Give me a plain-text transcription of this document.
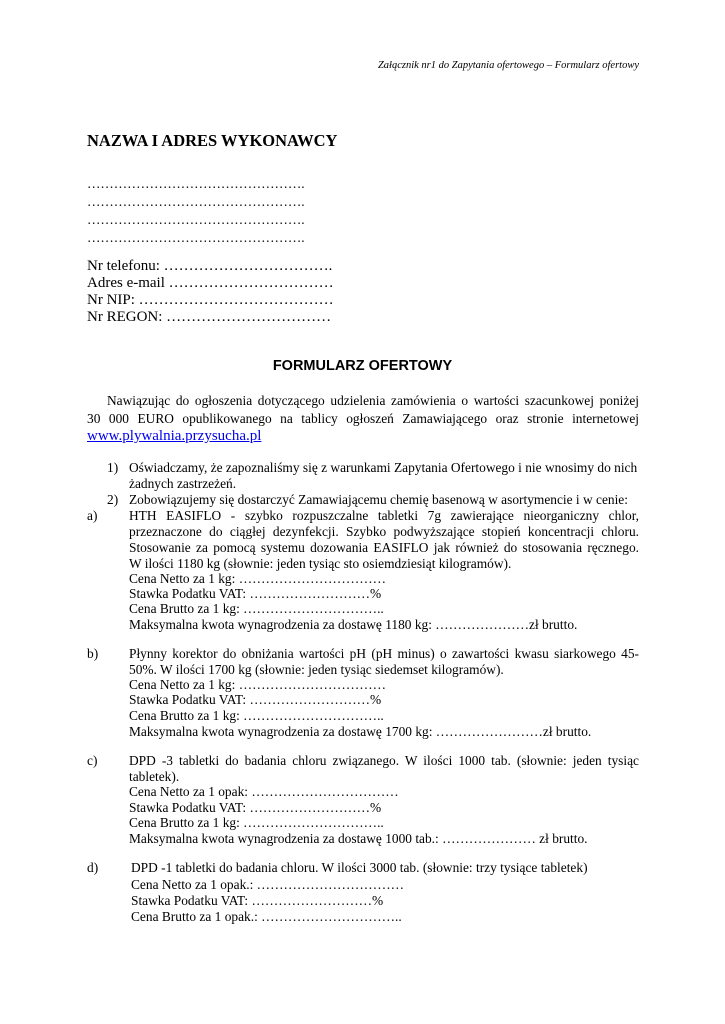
Załącznik nr1 do Zapytania ofertowego – Formularz ofertowy
NAZWA I ADRES WYKONAWCY
………………………………………….
………………………………………….
………………………………………….
………………………………………….
Nr telefonu: …………………………….
Adres e-mail ……………………………
Nr NIP: …………………………………
Nr REGON: ……………………………
FORMULARZ OFERTOWY
Nawiązując do ogłoszenia dotyczącego udzielenia zamówienia o wartości szacunkowej poniżej
30 000 EURO opublikowanego na tablicy ogłoszeń Zamawiającego oraz stronie internetowej
www.plywalnia.przysucha.pl
1) Oświadczamy, że zapoznaliśmy się z warunkami Zapytania Ofertowego i nie wnosimy do nich
żadnych zastrzeżeń.
2) Zobowiązujemy się dostarczyć Zamawiającemu chemię basenową w asortymencie i w cenie:
a) HTH EASIFLO - szybko rozpuszczalne tabletki 7g zawierające nieorganiczny chlor,
przeznaczone do ciągłej dezynfekcji. Szybko podwyższające stopień koncentracji chloru.
Stosowanie za pomocą systemu dozowania EASIFLO jak również do stosowania ręcznego.
W ilości 1180 kg (słownie: jeden tysiąc sto osiemdziesiąt kilogramów).
Cena Netto za 1 kg: ……………………………
Stawka Podatku VAT: ………………………%
Cena Brutto za 1 kg: …………………………..
Maksymalna kwota wynagrodzenia za dostawę 1180 kg: …………………zł brutto.
b) Płynny korektor do obniżania wartości pH (pH minus) o zawartości kwasu siarkowego 45-
50%. W ilości 1700 kg (słownie: jeden tysiąc siedemset kilogramów).
Cena Netto za 1 kg: ……………………………
Stawka Podatku VAT: ………………………%
Cena Brutto za 1 kg: …………………………..
Maksymalna kwota wynagrodzenia za dostawę 1700 kg: ……………………zł brutto.
c) DPD -3 tabletki do badania chloru związanego. W ilości 1000 tab. (słownie: jeden tysiąc
tabletek).
Cena Netto za 1 opak: ……………………………
Stawka Podatku VAT: ………………………%
Cena Brutto za 1 kg: …………………………..
Maksymalna kwota wynagrodzenia za dostawę 1000 tab.: ………………… zł brutto.
d) DPD -1 tabletki do badania chloru. W ilości 3000 tab. (słownie: trzy tysiące tabletek)
Cena Netto za 1 opak.: ……………………………
Stawka Podatku VAT: ………………………%
Cena Brutto za 1 opak.: …………………………..
